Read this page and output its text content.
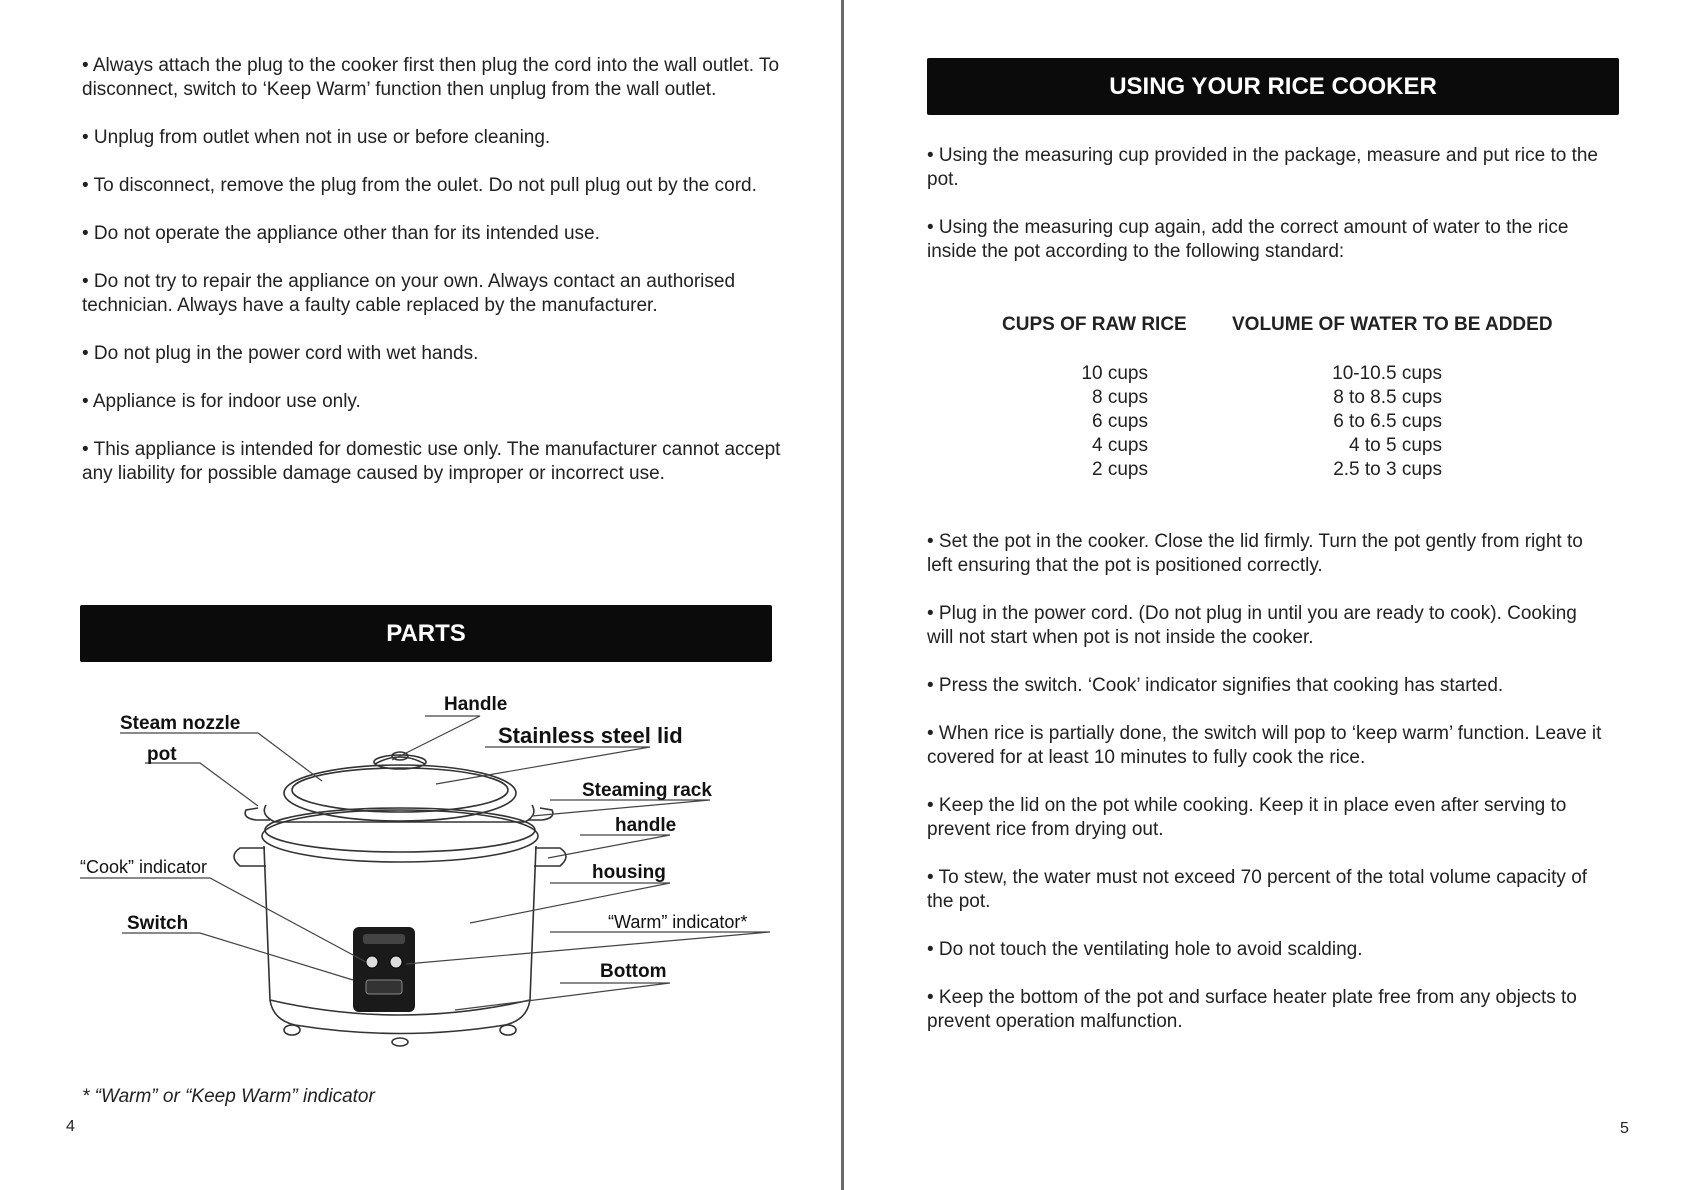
• Always attach the plug to the cooker first then plug the cord into the wall outlet. To disconnect, switch to ‘Keep Warm’ function then unplug from the wall outlet.
• Unplug from outlet when not in use or before cleaning.
• To disconnect, remove the plug from the oulet. Do not pull plug out by the cord.
• Do not operate the appliance other than for its intended use.
• Do not try to repair the appliance on your own. Always contact an authorised technician. Always have a faulty cable replaced by the manufacturer.
• Do not plug in the power cord with wet hands.
• Appliance is for indoor use only.
• This appliance is intended for domestic use only. The manufacturer cannot accept any liability for possible damage caused by improper or incorrect use.
PARTS
Steam nozzle
Handle
Stainless steel lid
pot
Steaming rack
handle
“Cook” indicator	housing
Switch	“Warm” indicator*
Bottom
* “Warm” or “Keep Warm” indicator
4
USING YOUR RICE COOKER
• Using the measuring cup provided in the package, measure and put rice to the pot.
• Using the measuring cup again, add the correct amount of water to the rice inside the pot according to the following standard:
CUPS OF RAW RICE VOLUME OF WATER TO BE ADDED
10 cups
8 cups
6 cups
4 cups
2 cups
10-10.5 cups
8 to 8.5 cups
6 to 6.5 cups
4 to 5 cups
2.5 to 3 cups
• Set the pot in the cooker. Close the lid firmly. Turn the pot gently from right to left ensuring that the pot is positioned correctly.
• Plug in the power cord. (Do not plug in until you are ready to cook). Cooking will not start when pot is not inside the cooker.
• Press the switch. ‘Cook’ indicator signifies that cooking has started.
• When rice is partially done, the switch will pop to ‘keep warm’ function. Leave it covered for at least 10 minutes to fully cook the rice.
• Keep the lid on the pot while cooking. Keep it in place even after serving to prevent rice from drying out.
• To stew, the water must not exceed 70 percent of the total volume capacity of the pot.
• Do not touch the ventilating hole to avoid scalding.
• Keep the bottom of the pot and surface heater plate free from any objects to prevent operation malfunction.
5
